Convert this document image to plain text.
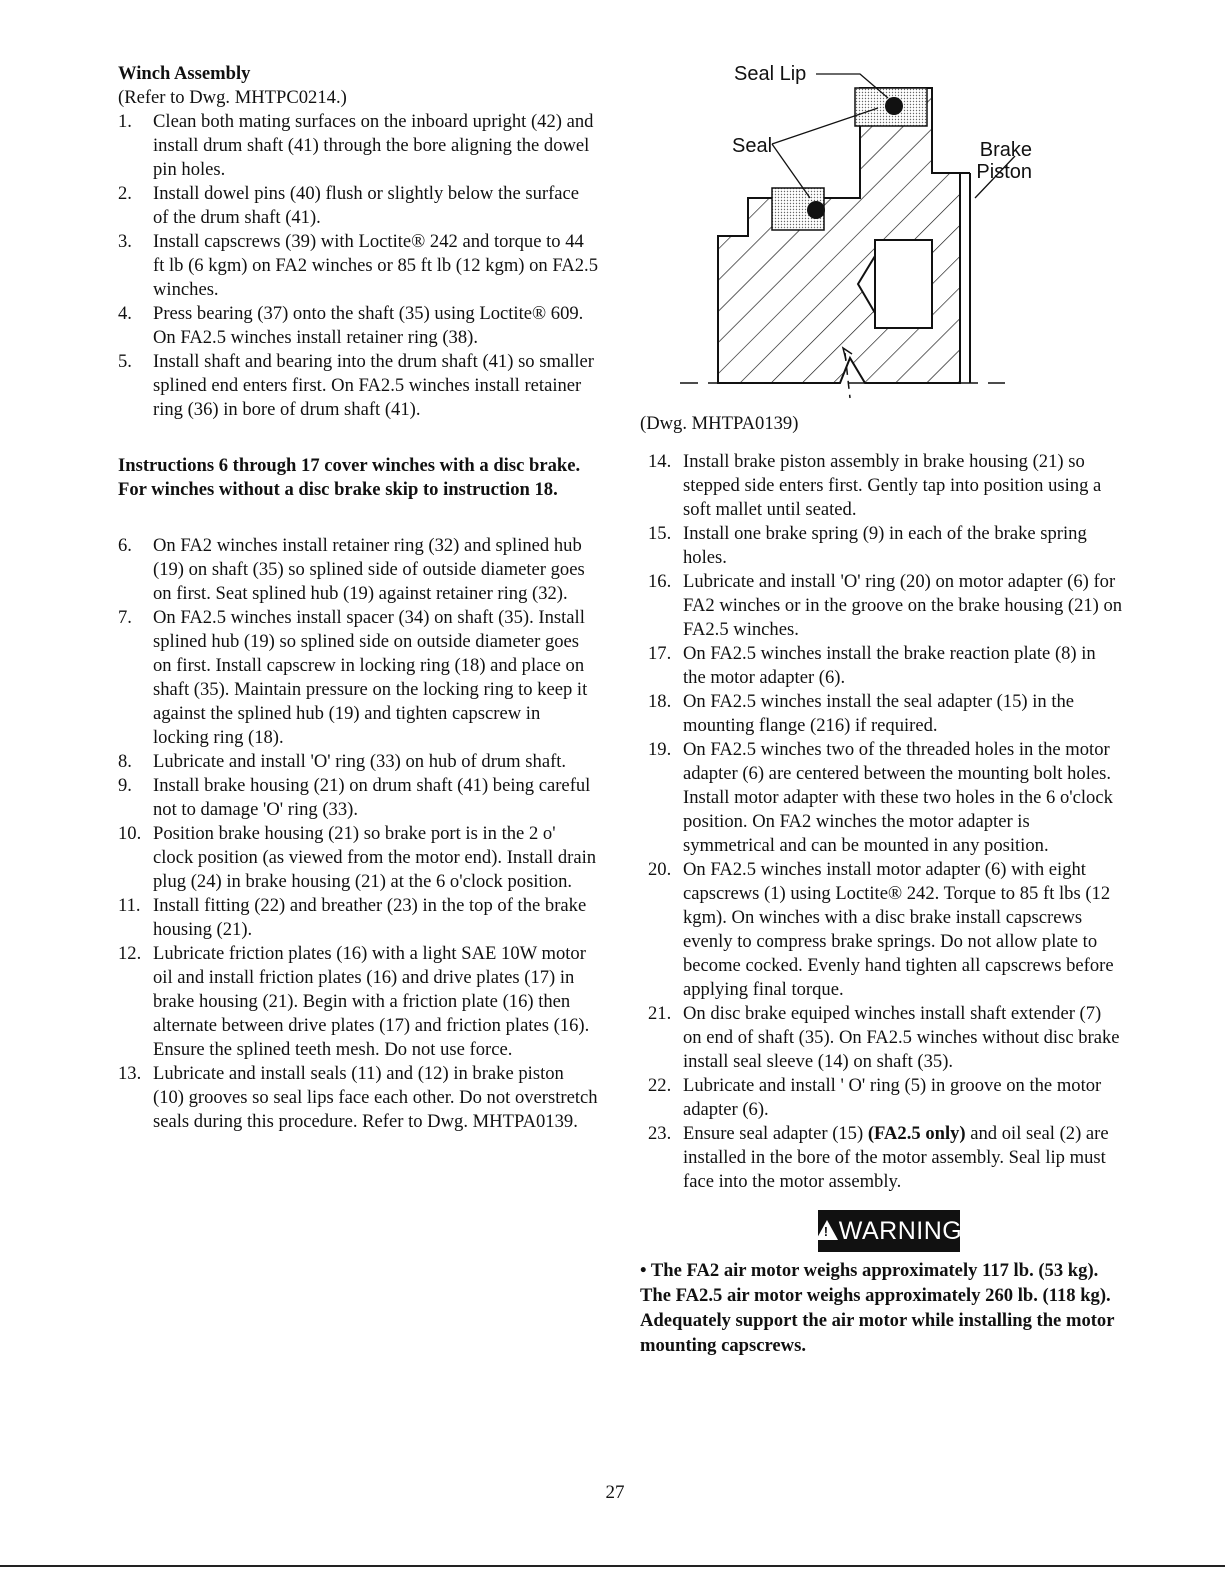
Winch Assembly
(Refer to Dwg. MHTPC0214.)
1. Clean both mating surfaces on the inboard upright (42) and install drum shaft (41) through the bore aligning the dowel pin holes.
2. Install dowel pins (40) flush or slightly below the surface of the drum shaft (41).
3. Install capscrews (39) with Loctite® 242 and torque to 44 ft lb (6 kgm) on FA2 winches or 85 ft lb (12 kgm) on FA2.5 winches.
4. Press bearing (37) onto the shaft (35) using Loctite® 609. On FA2.5 winches install retainer ring (38).
5. Install shaft and bearing into the drum shaft (41) so smaller splined end enters first. On FA2.5 winches install retainer ring (36) in bore of drum shaft (41).
Instructions 6 through 17 cover winches with a disc brake. For winches without a disc brake skip to instruction 18.
6. On FA2 winches install retainer ring (32) and splined hub (19) on shaft (35) so splined side of outside diameter goes on first. Seat splined hub (19) against retainer ring (32).
7. On FA2.5 winches install spacer (34) on shaft (35). Install splined hub (19) so splined side on outside diameter goes on first. Install capscrew in locking ring (18) and place on shaft (35). Maintain pressure on the locking ring to keep it against the splined hub (19) and tighten capscrew in locking ring (18).
8. Lubricate and install 'O' ring (33) on hub of drum shaft.
9. Install brake housing (21) on drum shaft (41) being careful not to damage 'O' ring (33).
10. Position brake housing (21) so brake port is in the 2 o' clock position (as viewed from the motor end). Install drain plug (24) in brake housing (21) at the 6 o'clock position.
11. Install fitting (22) and breather (23) in the top of the brake housing (21).
12. Lubricate friction plates (16) with a light SAE 10W motor oil and install friction plates (16) and drive plates (17) in brake housing (21). Begin with a friction plate (16) then alternate between drive plates (17) and friction plates (16). Ensure the splined teeth mesh. Do not use force.
13. Lubricate and install seals (11) and (12) in brake piston (10) grooves so seal lips face each other. Do not overstretch seals during this procedure. Refer to Dwg. MHTPA0139.
Seal Lip
Seal	Brake
Piston
(Dwg. MHTPA0139)
14. Install brake piston assembly in brake housing (21) so stepped side enters first. Gently tap into position using a soft mallet until seated.
15. Install one brake spring (9) in each of the brake spring holes.
16. Lubricate and install 'O' ring (20) on motor adapter (6) for FA2 winches or in the groove on the brake housing (21) on FA2.5 winches.
17. On FA2.5 winches install the brake reaction plate (8) in the motor adapter (6).
18. On FA2.5 winches install the seal adapter (15) in the mounting flange (216) if required.
19. On FA2.5 winches two of the threaded holes in the motor adapter (6) are centered between the mounting bolt holes. Install motor adapter with these two holes in the 6 o'clock position. On FA2 winches the motor adapter is symmetrical and can be mounted in any position.
20. On FA2.5 winches install motor adapter (6) with eight capscrews (1) using Loctite® 242. Torque to 85 ft lbs (12 kgm). On winches with a disc brake install capscrews evenly to compress brake springs. Do not allow plate to become cocked. Evenly hand tighten all capscrews before applying final torque.
21. On disc brake equiped winches install shaft extender (7) on end of shaft (35). On FA2.5 winches without disc brake install seal sleeve (14) on shaft (35).
22. Lubricate and install ' O' ring (5) in groove on the motor adapter (6).
23. Ensure seal adapter (15) (FA2.5 only) and oil seal (2) are installed in the bore of the motor assembly. Seal lip must face into the motor assembly.
! WARNING
• The FA2 air motor weighs approximately 117 lb. (53 kg). The FA2.5 air motor weighs approximately 260 lb. (118 kg). Adequately support the air motor while installing the motor mounting capscrews.
27
